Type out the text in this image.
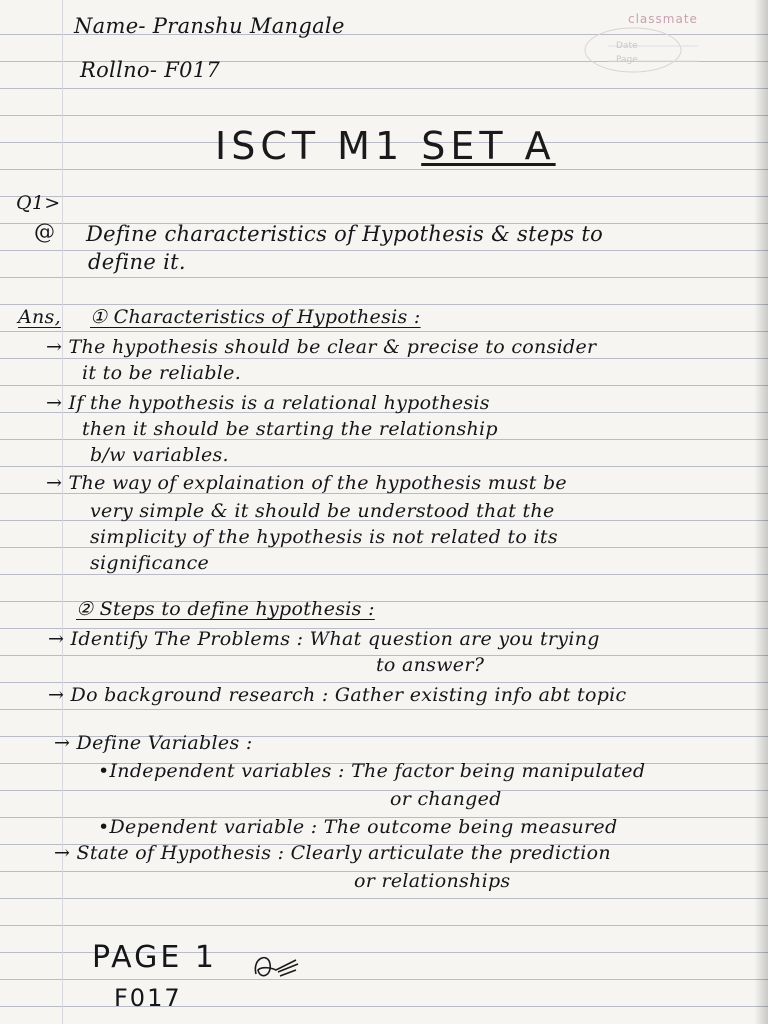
classmate
Date
Page
Name- Pranshu Mangale
Rollno- F017
ISCT M1 SET A
Q1>
@ Define characteristics of Hypothesis & steps to
define it.
Ans, ① Characteristics of Hypothesis :
→ The hypothesis should be clear & precise to consider
it to be reliable.
→ If the hypothesis is a relational hypothesis
then it should be starting the relationship
b/w variables.
→ The way of explaination of the hypothesis must be
very simple & it should be understood that the
simplicity of the hypothesis is not related to its
significance
② Steps to define hypothesis :
→ Identify The Problems : What question are you trying
to answer?
→ Do background research : Gather existing info abt topic
→ Define Variables :
•Independent variables : The factor being manipulated
or changed
•Dependent variable : The outcome being measured
→ State of Hypothesis : Clearly articulate the prediction
or relationships
PAGE 1
F017
